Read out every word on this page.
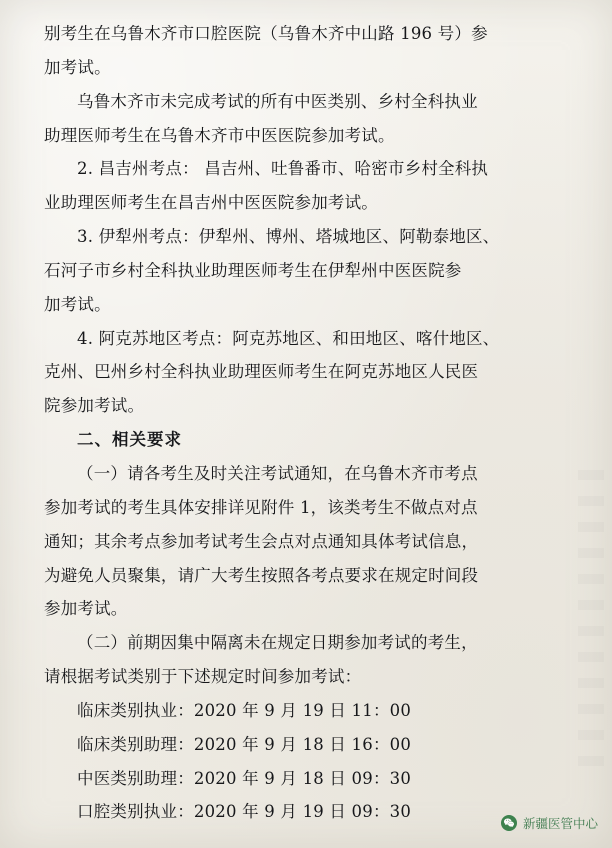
别考生在乌鲁木齐市口腔医院（乌鲁木齐中山路 196 号）参

加考试。

乌鲁木齐市未完成考试的所有中医类别、乡村全科执业

助理医师考生在乌鲁木齐市中医医院参加考试。

2. 昌吉州考点： 昌吉州、吐鲁番市、哈密市乡村全科执

业助理医师考生在昌吉州中医医院参加考试。

3. 伊犁州考点：伊犁州、博州、塔城地区、阿勒泰地区、

石河子市乡村全科执业助理医师考生在伊犁州中医医院参

加考试。

4. 阿克苏地区考点：阿克苏地区、和田地区、喀什地区、

克州、巴州乡村全科执业助理医师考生在阿克苏地区人民医

院参加考试。

二、相关要求

（一）请各考生及时关注考试通知，在乌鲁木齐市考点

参加考试的考生具体安排详见附件 1，该类考生不做点对点

通知；其余考点参加考试考生会点对点通知具体考试信息，

为避免人员聚集，请广大考生按照各考点要求在规定时间段

参加考试。

（二）前期因集中隔离未在规定日期参加考试的考生，

请根据考试类别于下述规定时间参加考试：

临床类别执业：2020 年 9 月 19 日 11：00

临床类别助理：2020 年 9 月 18 日 16：00

中医类别助理：2020 年 9 月 18 日 09：30

口腔类别执业：2020 年 9 月 19 日 09：30

新疆医管中心
